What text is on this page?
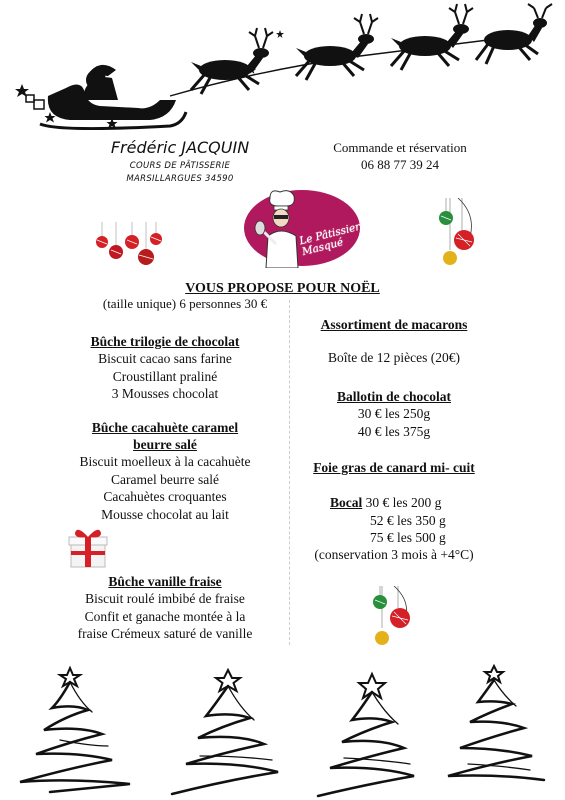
Frédéric JACQUIN
COURS DE PÂTISSERIE
MARSILLARGUES 34590
Commande et réservation
06 88 77 39 24
Le Pâtissier Masqué
VOUS PROPOSE POUR NOËL
(taille unique) 6 personnes 30 €
Bûche trilogie de chocolat
Biscuit cacao sans farine
Croustillant praliné
3 Mousses chocolat
Bûche cacahuète caramel
beurre salé
Biscuit moelleux à la cacahuète
Caramel beurre salé
Cacahuètes croquantes
Mousse chocolat au lait
Bûche vanille fraise
Biscuit roulé imbibé de fraise
Confit et ganache montée à la
fraise Crémeux saturé de vanille
Assortiment de macarons
Boîte de 12 pièces (20€)
Ballotin de chocolat
30 € les 250g
40 € les 375g
Foie gras de canard mi- cuit
Bocal 30 € les 200 g
52 € les 350 g
75 € les 500 g
(conservation 3 mois à +4°C)
